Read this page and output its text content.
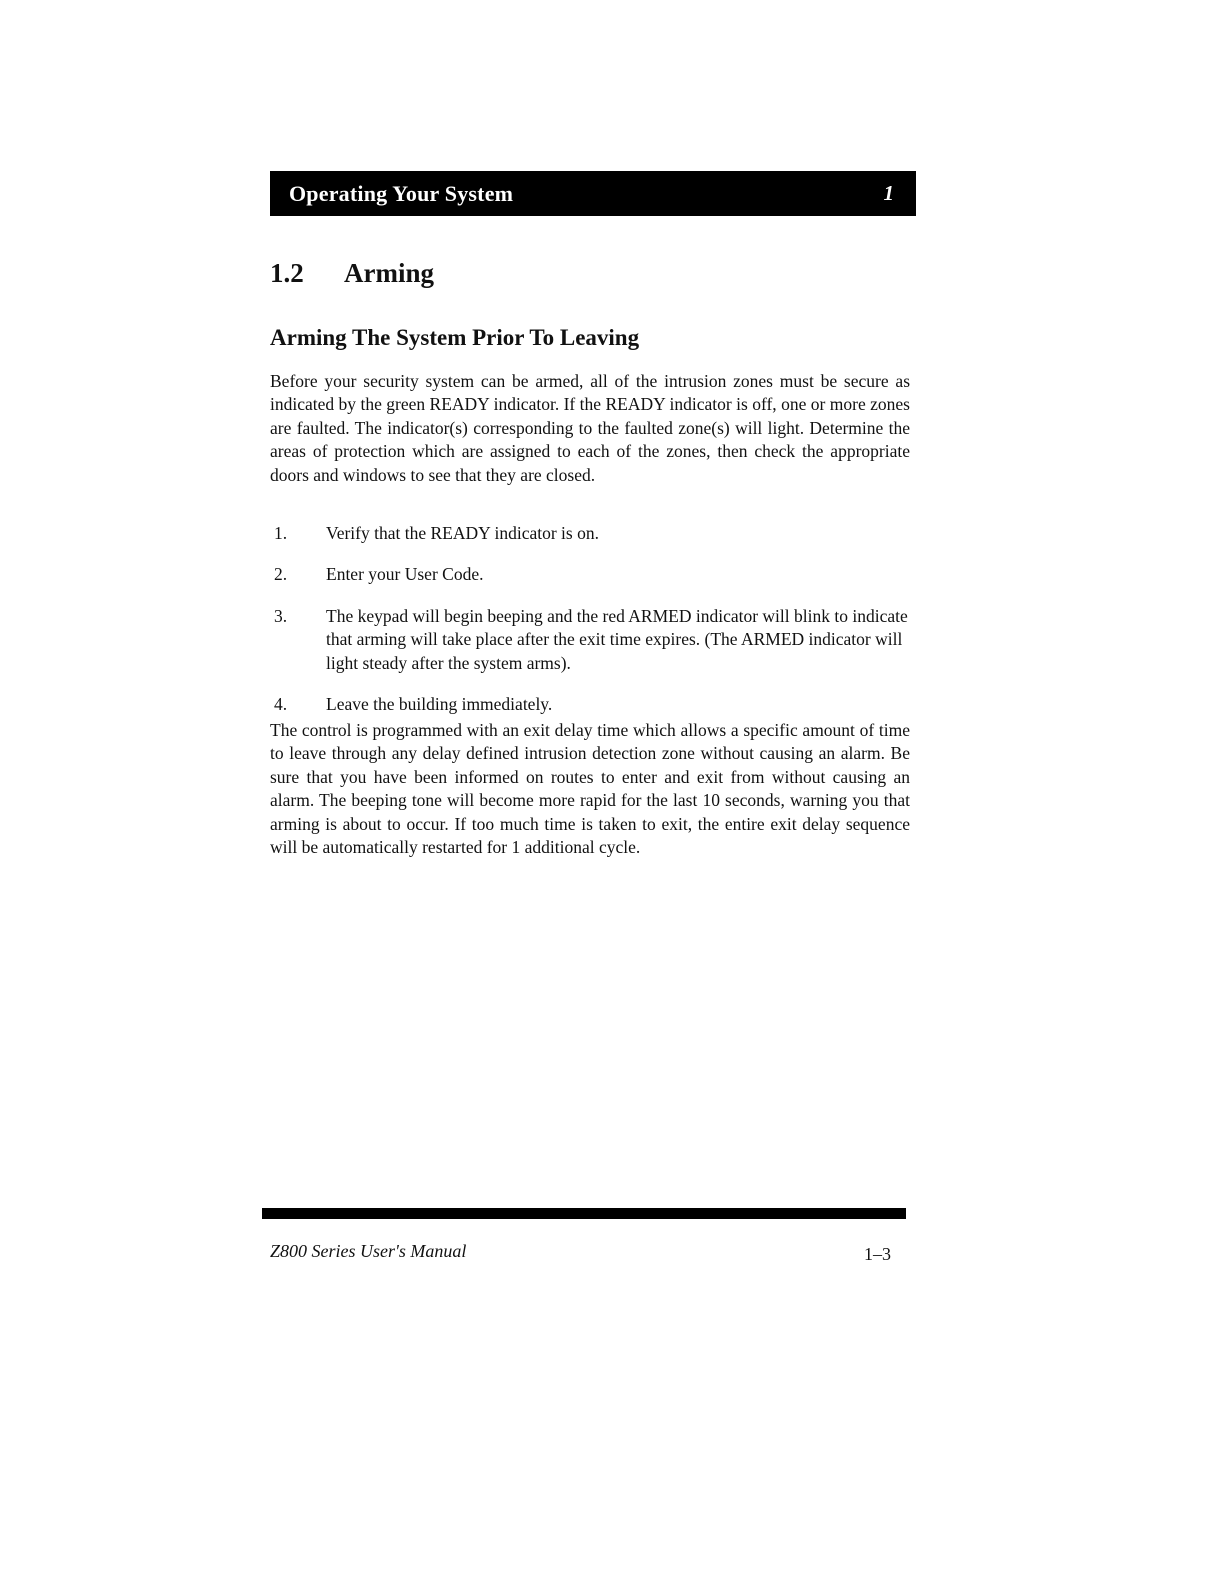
Operating Your System	1
1.2	Arming
Arming The System Prior To Leaving

Before your security system can be armed, all of the intrusion zones must be secure as indicated by the green READY indicator. If the READY indicator is off, one or more zones are faulted. The indicator(s) corresponding to the faulted zone(s) will light. Determine the areas of protection which are assigned to each of the zones, then check the appropriate doors and windows to see that they are closed.

1.	Verify that the READY indicator is on.
2.	Enter your User Code.
3.	The keypad will begin beeping and the red ARMED indicator will blink to indicate that arming will take place after the exit time expires. (The ARMED indicator will light steady after the system arms).
4.	Leave the building immediately.

The control is programmed with an exit delay time which allows a specific amount of time to leave through any delay defined intrusion detection zone without causing an alarm. Be sure that you have been informed on routes to enter and exit from without causing an alarm. The beeping tone will become more rapid for the last 10 seconds, warning you that arming is about to occur. If too much time is taken to exit, the entire exit delay sequence will be automatically restarted for 1 additional cycle.

Z800 Series User's Manual	1–3
